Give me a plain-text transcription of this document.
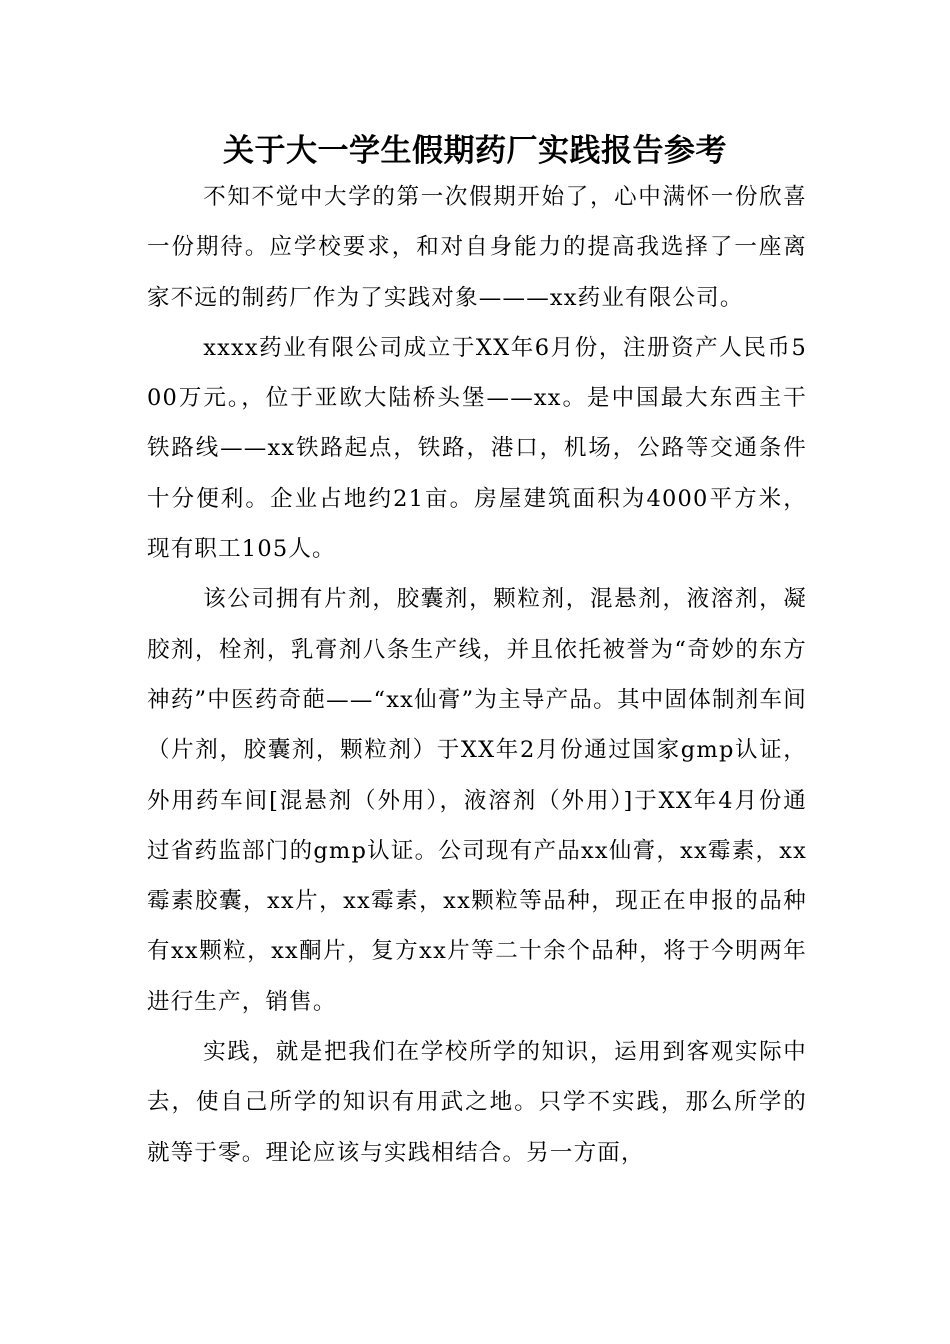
关于大一学生假期药厂实践报告参考

不知不觉中大学的第一次假期开始了，心中满怀一份欣喜一份期待。应学校要求，和对自身能力的提高我选择了一座离家不远的制药厂作为了实践对象———xx药业有限公司。

xxxx药业有限公司成立于XX年6月份，注册资产人民币500万元。，位于亚欧大陆桥头堡——xx。是中国最大东西主干铁路线——xx铁路起点，铁路，港口，机场，公路等交通条件十分便利。企业占地约21亩。房屋建筑面积为4000平方米，现有职工105人。

该公司拥有片剂，胶囊剂，颗粒剂，混悬剂，液溶剂，凝胶剂，栓剂，乳膏剂八条生产线，并且依托被誉为“奇妙的东方神药”中医药奇葩——“xx仙膏”为主导产品。其中固体制剂车间（片剂，胶囊剂，颗粒剂）于XX年2月份通过国家gmp认证，外用药车间[混悬剂（外用），液溶剂（外用）]于XX年4月份通过省药监部门的gmp认证。公司现有产品xx仙膏，xx霉素，xx霉素胶囊，xx片，xx霉素，xx颗粒等品种，现正在申报的品种有xx颗粒，xx酮片，复方xx片等二十余个品种，将于今明两年进行生产，销售。

实践，就是把我们在学校所学的知识，运用到客观实际中去，使自己所学的知识有用武之地。只学不实践，那么所学的就等于零。理论应该与实践相结合。另一方面，
